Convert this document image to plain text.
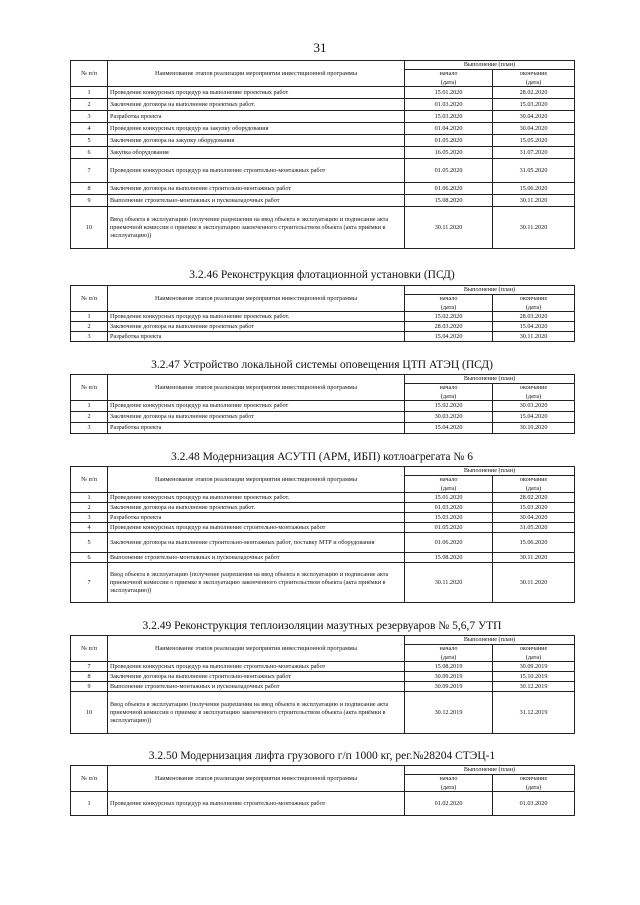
31
№ п/п	Наименование этапов реализации мероприятия инвестиционной программы	Выполнение (план)	
		начало	окончание
		(дата)	(дата)
1	Проведение конкурсных процедур на выполнение проектных работ	15.01.2020	28.02.2020
2	Заключение договора на выполнение проектных работ.	01.03.2020	15.03.2020
3	Разработка проекта	15.03.2020	30.04.2020
4	Проведение конкурсных процедур на закупку оборудования	01.04.2020	30.04.2020
5	Заключение договора на закупку оборудования	01.05.2020	15.05.2020
6	Закупка оборудования	16.05.2020	31.07.2020
7	Проведение конкурсных процедур на выполнение строительно-монтажных работ	01.05.2020	31.05.2020
8	Заключение договора на выполнение строительно-монтажных работ	01.06.2020	15.06.2020
9	Выполнение строительно-монтажных и пусконаладочных работ	15.08.2020	30.11.2020
10	Ввод объекта в эксплуатацию (получение разрешения на ввод объекта в эксплуатацию и подписание акта приемочной комиссии о приемке в эксплуатацию законченного строительством объекта (акта приёмки в эксплуатацию))	30.11.2020	30.11.2020
3.2.46 Реконструкция флотационной установки (ПСД)
№ п/п	Наименование этапов реализации мероприятия инвестиционной программы	Выполнение (план)	
		начало	окончание
		(дата)	(дата)
1	Проведение конкурсных процедур на выполнение проектных работ.	15.02.2020	28.03.2020
2	Заключение договора на выполнение проектных работ	28.03.2020	15.04.2020
3	Разработка проекта	15.04.2020	30.11.2020
3.2.47 Устройство локальной системы оповещения ЦТП АТЭЦ (ПСД)
№ п/п	Наименование этапов реализации мероприятия инвестиционной программы	Выполнение (план)	
		начало	окончание
		(дата)	(дата)
1	Проведение конкурсных процедур на выполнение проектных работ	15.02.2020	30.03.2020
2	Заключение договора на выполнение проектных работ	30.03.2020	15.04.2020
3	Разработка проекта	15.04.2020	30.10.2020
3.2.48 Модернизация АСУТП (АРМ, ИБП) котлоагрегата № 6
№ п/п	Наименование этапов реализации мероприятия инвестиционной программы	Выполнение (план)	
		начало	окончание
		(дата)	(дата)
1	Проведение конкурсных процедур на выполнение проектных работ.	15.01.2020	28.02.2020
2	Заключение договора на выполнение проектных работ.	01.03.2020	15.03.2020
3	Разработка проекта	15.03.2020	30.04.2020
4	Проведение конкурсных процедур на выполнение строительно-монтажных работ	01.05.2020	31.05.2020
5	Заключение договора на выполнение строительно-монтажных работ, поставку МТР и оборудования	01.06.2020	15.06.2020
6	Выполнение строительно-монтажных и пусконаладочных работ	15.08.2020	30.11.2020
7	Ввод объекта в эксплуатацию (получение разрешения на ввод объекта в эксплуатацию и подписание акта приемочной комиссии о приемке в эксплуатацию законченного строительством объекта (акта приёмки в эксплуатацию))	30.11.2020	30.11.2020
3.2.49 Реконструкция теплоизоляции мазутных резервуаров № 5,6,7 УТП
№ п/п	Наименование этапов реализации мероприятия инвестиционной программы	Выполнение (план)	
		начало	окончание
		(дата)	(дата)
7	Проведение конкурсных процедур на выполнение строительно-монтажных работ	15.08.2019	30.09.2019
8	Заключение договора на выполнение строительно-монтажных работ	30.09.2019	15.10.2019
9	Выполнение строительно-монтажных и пусконаладочных работ	30.09.2019	30.12.2019
10	Ввод объекта в эксплуатацию (получение разрешения на ввод объекта в эксплуатацию и подписание акта приемочной комиссии о приемке в эксплуатацию законченного строительством объекта (акта приёмки в эксплуатацию))	30.12.2019	31.12.2019
3.2.50 Модернизация лифта грузового г/п 1000 кг, рег.№28204 СТЭЦ-1
№ п/п	Наименование этапов реализации мероприятия инвестиционной программы	Выполнение (план)	
		начало	окончание
		(дата)	(дата)
1	Проведение конкурсных процедур на выполнение строительно-монтажных работ	01.02.2020	01.03.2020
